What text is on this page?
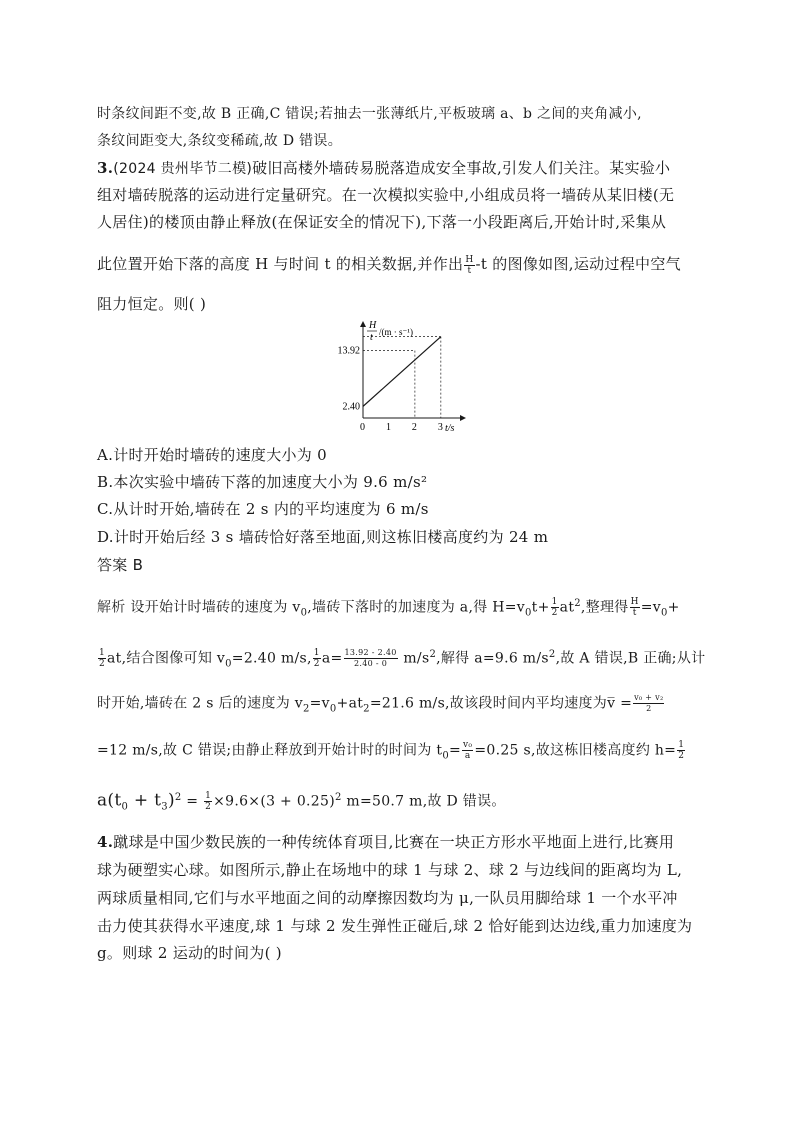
时条纹间距不变,故 B 正确,C 错误;若抽去一张薄纸片,平板玻璃 a、b 之间的夹角减小,
条纹间距变大,条纹变稀疏,故 D 错误。
3.(2024 贵州毕节二模)破旧高楼外墙砖易脱落造成安全事故,引发人们关注。某实验小
组对墙砖脱落的运动进行定量研究。在一次模拟实验中,小组成员将一墙砖从某旧楼(无
人居住)的楼顶由静止释放(在保证安全的情况下),下落一小段距离后,开始计时,采集从
此位置开始下落的高度 H 与时间 t 的相关数据,并作出 $\frac{H}{t} -t$ 的图像如图,运动过程中空气
阻力恒定。则( )
0 1 2 3
2.40
13.92
H
t /(m · s⁻¹)
t/s
A.计时开始时墙砖的速度大小为 0
B.本次实验中墙砖下落的加速度大小为 9.6 m/s²
C.从计时开始,墙砖在 2 s 内的平均速度为 6 m/s
D.计时开始后经 3 s 墙砖恰好落至地面,则这栋旧楼高度约为 24 m
答案 B
解析 设开始计时墙砖的速度为 $v_0$,墙砖下落时的加速度为 a,得 $H=v_0t+ \frac{1}{2} at^2$,整理得 $\frac{H}{t} =v_0+$
$\frac{1}{2}$ at,结合图像可知 $v_0=2.40$ m/s, $\frac{1}{2} a= \frac{13.92 - 2.40}{2.40 - 0} m/s^2$,解得 a=9.6 $m/s^2$,故 A 错误,B 正确;从计
时开始,墙砖在 2 s 后的速度为 $v_2=v_0+at_2=21.6$ m/s,故该段时间内平均速度为v̅ = $\frac{\text{v₀ + v₂}}{2}$
=12 m/s,故 C 错误;由静止释放到开始计时的时间为 $t_0= \frac{\text{v₀}}{a} =0.25$ s,故这栋旧楼高度约 $h= \frac{1}{2}$
$a(t_0 + t_3)^2 = \frac{1}{2} \times 9.6\times(3 + 0.25)^2$ m=50.7 m,故 D 错误。
4.蹴球是中国少数民族的一种传统体育项目,比赛在一块正方形水平地面上进行,比赛用
球为硬塑实心球。如图所示,静止在场地中的球 1 与球 2、球 2 与边线间的距离均为 L,
两球质量相同,它们与水平地面之间的动摩擦因数均为 μ,一队员用脚给球 1 一个水平冲
击力使其获得水平速度,球 1 与球 2 发生弹性正碰后,球 2 恰好能到达边线,重力加速度为
g。则球 2 运动的时间为( )
